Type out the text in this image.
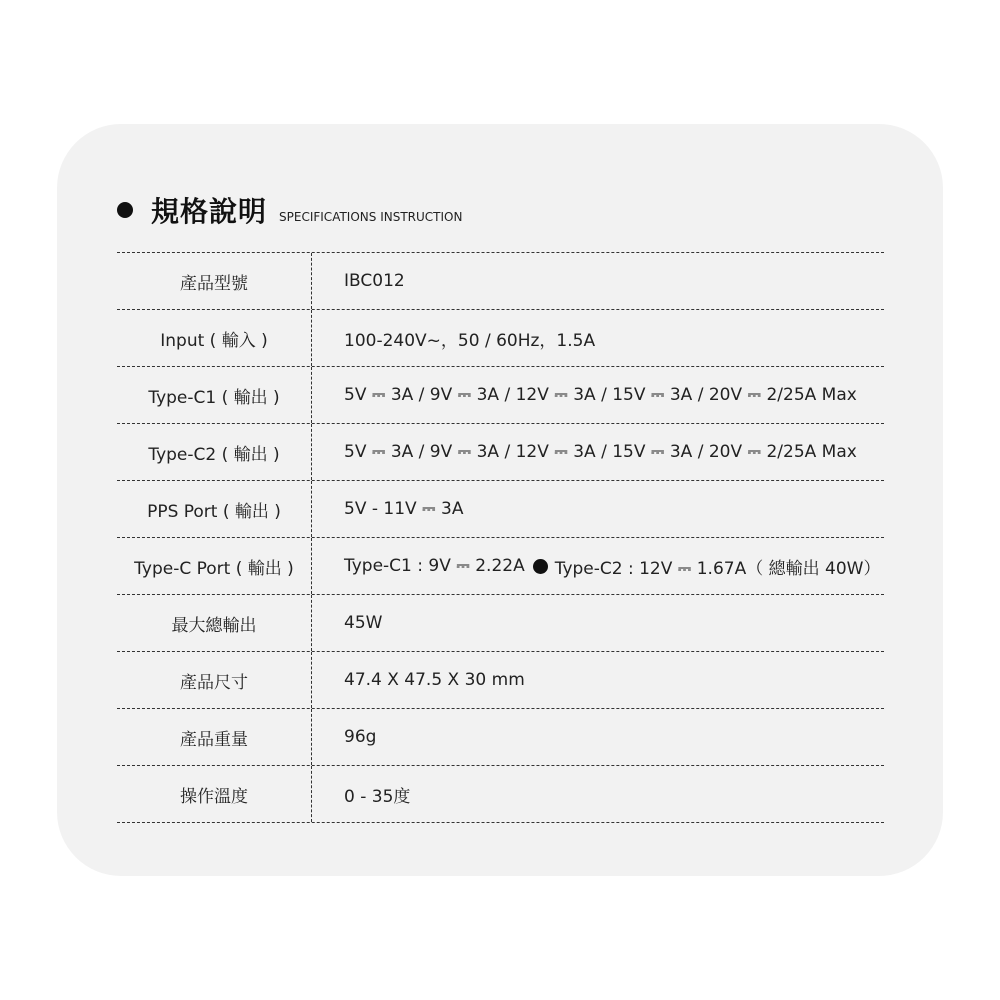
規格說明 SPECIFICATIONS INSTRUCTION
產品型號	IBC012
Input ( 輸入 )	100-240V~，50 / 60Hz，1.5A
Type-C1 ( 輸出 )	5V ⎓ 3A / 9V ⎓ 3A / 12V ⎓ 3A / 15V ⎓ 3A / 20V ⎓ 2/25A Max
Type-C2 ( 輸出 )	5V ⎓ 3A / 9V ⎓ 3A / 12V ⎓ 3A / 15V ⎓ 3A / 20V ⎓ 2/25A Max
PPS Port ( 輸出 )	5V - 11V ⎓ 3A
Type-C Port ( 輸出 )	Type-C1 : 9V ⎓ 2.22A Type-C2 : 12V ⎓ 1.67A（ 總輸出 40W）
最大總輸出	45W
產品尺寸	47.4 X 47.5 X 30 mm
產品重量	96g
操作溫度	0 - 35度
